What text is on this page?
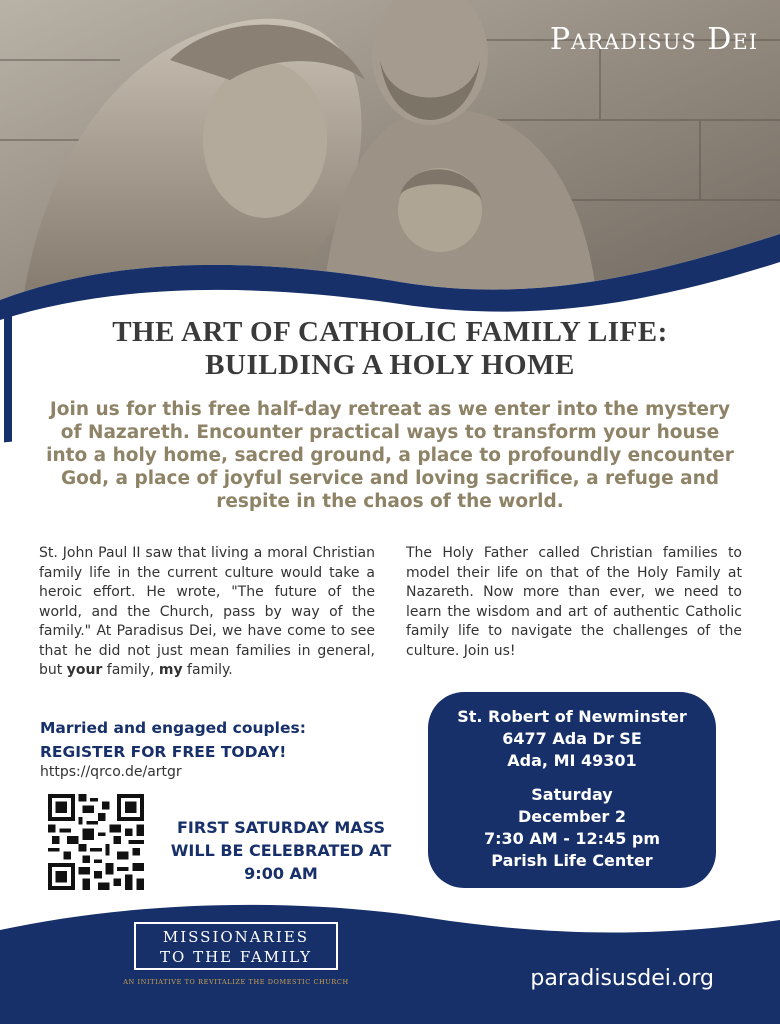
Paradisus Dei
THE ART OF CATHOLIC FAMILY LIFE:
BUILDING A HOLY HOME

Join us for this free half-day retreat as we enter into the mystery of Nazareth. Encounter practical ways to transform your house into a holy home, sacred ground, a place to profoundly encounter God, a place of joyful service and loving sacrifice, a refuge and respite in the chaos of the world.

St. John Paul II saw that living a moral Christian family life in the current culture would take a heroic effort. He wrote, "The future of the world, and the Church, pass by way of the family." At Paradisus Dei, we have come to see that he did not just mean families in general, but your family, my family.

The Holy Father called Christian families to model their life on that of the Holy Family at Nazareth. Now more than ever, we need to learn the wisdom and art of authentic Catholic family life to navigate the challenges of the culture. Join us!

Married and engaged couples:
REGISTER FOR FREE TODAY!
https://qrco.de/artgr
FIRST SATURDAY MASS
WILL BE CELEBRATED AT
9:00 AM
St. Robert of Newminster
6477 Ada Dr SE
Ada, MI 49301
Saturday
December 2
7:30 AM - 12:45 pm
Parish Life Center
MISSIONARIES
TO THE FAMILY
AN INITIATIVE TO REVITALIZE THE DOMESTIC CHURCH	paradisusdei.org
